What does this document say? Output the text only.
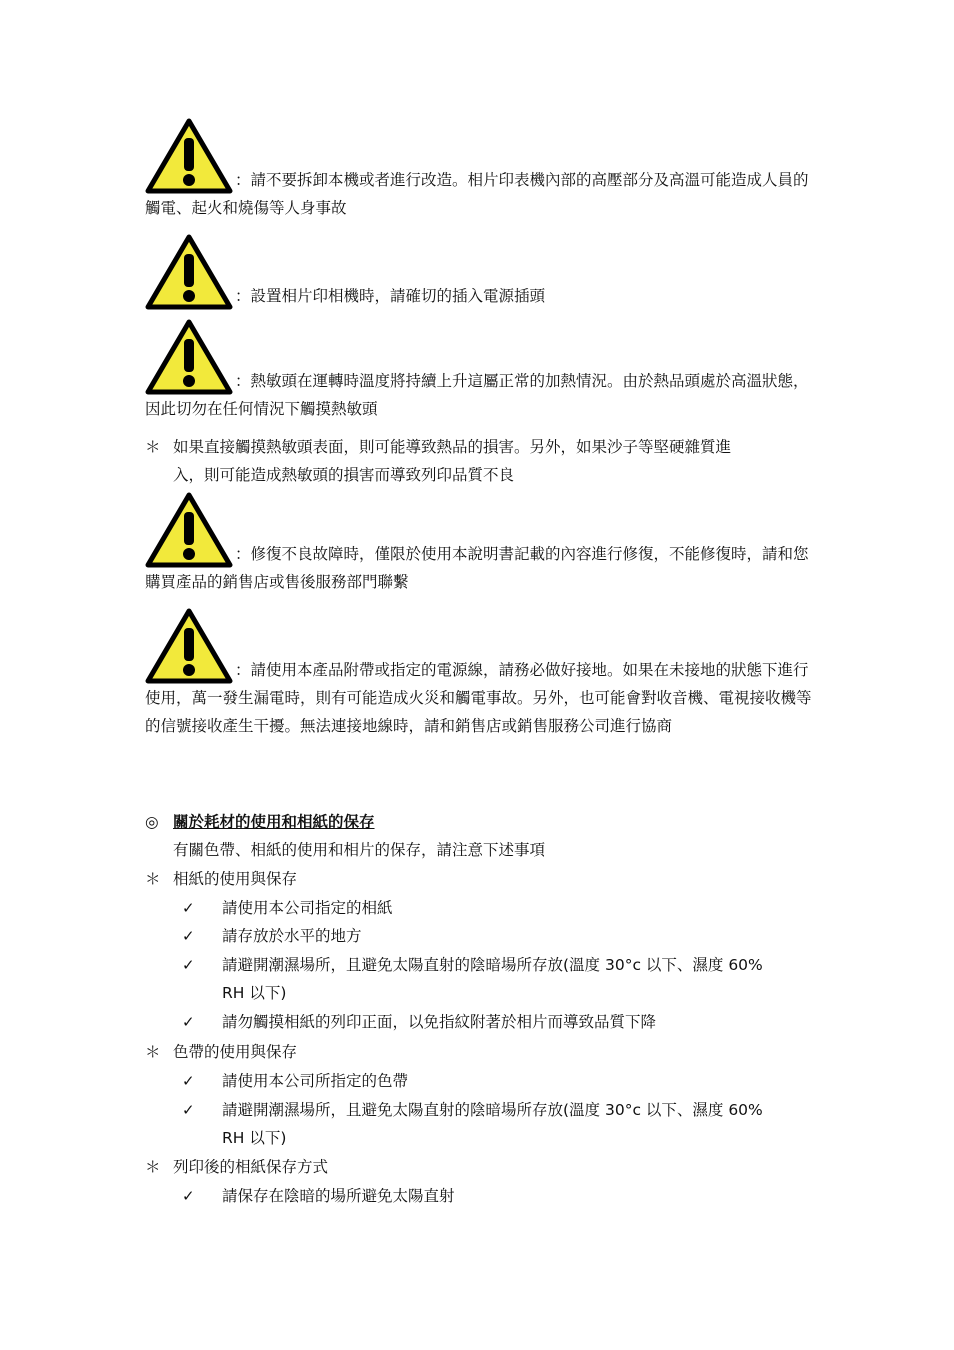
：請不要拆卸本機或者進行改造。相片印表機內部的高壓部分及高溫可能造成人員的觸電、起火和燒傷等人身事故
：設置相片印相機時，請確切的插入電源插頭
：熱敏頭在運轉時溫度將持續上升這屬正常的加熱情況。由於熱品頭處於高溫狀態，因此切勿在任何情況下觸摸熱敏頭
＊ 如果直接觸摸熱敏頭表面，則可能導致熱品的損害。另外，如果沙子等堅硬雜質進
入，則可能造成熱敏頭的損害而導致列印品質不良
：修復不良故障時，僅限於使用本說明書記載的內容進行修復，不能修復時，請和您購買產品的銷售店或售後服務部門聯繫
：請使用本產品附帶或指定的電源線，請務必做好接地。如果在未接地的狀態下進行使用，萬一發生漏電時，則有可能造成火災和觸電事故。另外，也可能會對收音機、電視接收機等的信號接收產生干擾。無法連接地線時，請和銷售店或銷售服務公司進行協商
◎ 關於耗材的使用和相紙的保存
有關色帶、相紙的使用和相片的保存，請注意下述事項
＊ 相紙的使用與保存
✓ 請使用本公司指定的相紙
✓ 請存放於水平的地方
✓ 請避開潮濕場所，且避免太陽直射的陰暗場所存放(溫度 30°c 以下、濕度 60%
RH 以下)
✓ 請勿觸摸相紙的列印正面，以免指紋附著於相片而導致品質下降
＊ 色帶的使用與保存
✓ 請使用本公司所指定的色帶
✓ 請避開潮濕場所，且避免太陽直射的陰暗場所存放(溫度 30°c 以下、濕度 60%
RH 以下)
＊ 列印後的相紙保存方式
✓ 請保存在陰暗的場所避免太陽直射
